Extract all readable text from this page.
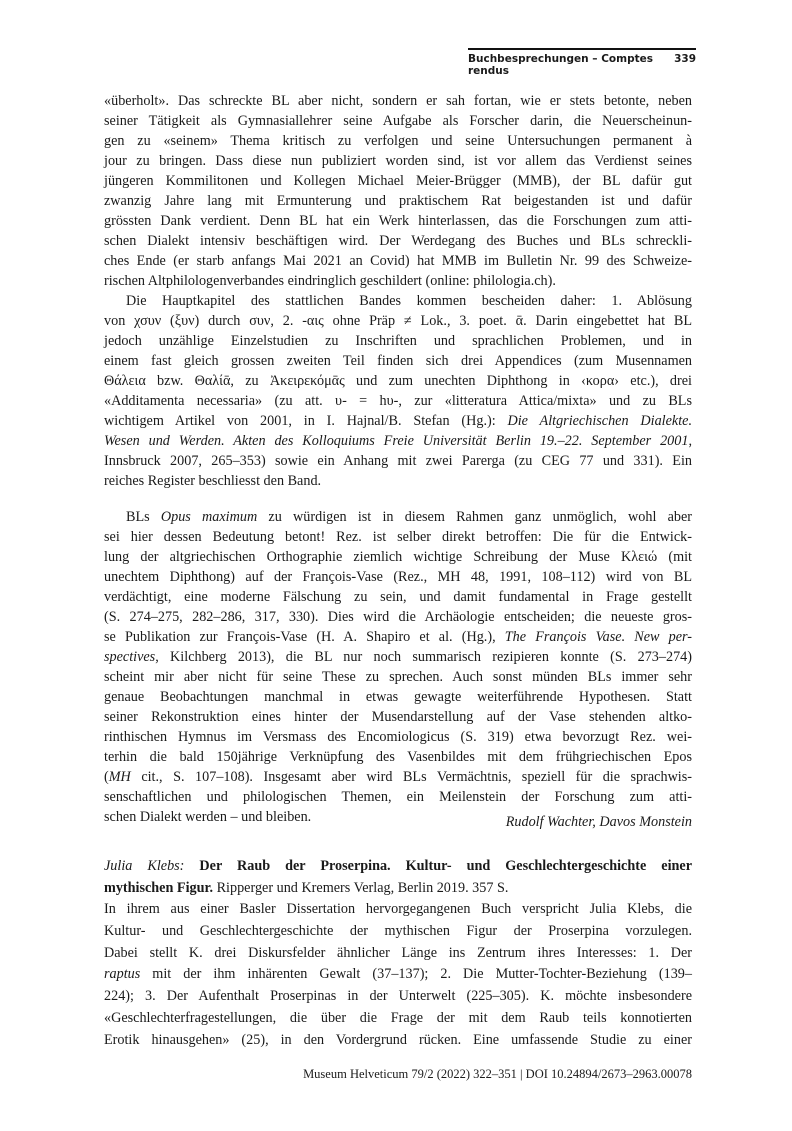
Buchbesprechungen – Comptes rendus
339
«überholt». Das schreckte BL aber nicht, sondern er sah fortan, wie er stets betonte, neben
seiner Tätigkeit als Gymnasiallehrer seine Aufgabe als Forscher darin, die Neuerscheinun-
gen zu «seinem» Thema kritisch zu verfolgen und seine Untersuchungen permanent à
jour zu bringen. Dass diese nun publiziert worden sind, ist vor allem das Verdienst seines
jüngeren Kommilitonen und Kollegen Michael Meier-Brügger (MMB), der BL dafür gut
zwanzig Jahre lang mit Ermunterung und praktischem Rat beigestanden ist und dafür
grössten Dank verdient. Denn BL hat ein Werk hinterlassen, das die Forschungen zum atti-
schen Dialekt intensiv beschäftigen wird. Der Werdegang des Buches und BLs schreckli-
ches Ende (er starb anfangs Mai 2021 an Covid) hat MMB im Bulletin Nr. 99 des Schweize-
rischen Altphilologenverbandes eindringlich geschildert (online: philologia.ch).
Die Hauptkapitel des stattlichen Bandes kommen bescheiden daher: 1. Ablösung
von χσυν (ξυν) durch συν, 2. -αις ohne Präp ≠ Lok., 3. poet. ᾱ. Darin eingebettet hat BL
jedoch unzählige Einzelstudien zu Inschriften und sprachlichen Problemen, und in
einem fast gleich grossen zweiten Teil finden sich drei Appendices (zum Musennamen
Θάλεια bzw. Θαλίᾱ, zu Ἀκειρεκόμᾱς und zum unechten Diphthong in ‹κορα› etc.), drei
«Additamenta necessaria» (zu att. υ- = hυ-, zur «litteratura Attica/mixta» und zu BLs
wichtigem Artikel von 2001, in I. Hajnal/B. Stefan (Hg.): Die Altgriechischen Dialekte.
Wesen und Werden. Akten des Kolloquiums Freie Universität Berlin 19.–22. September 2001,
Innsbruck 2007, 265–353) sowie ein Anhang mit zwei Parerga (zu CEG 77 und 331). Ein
reiches Register beschliesst den Band.
BLs Opus maximum zu würdigen ist in diesem Rahmen ganz unmöglich, wohl aber
sei hier dessen Bedeutung betont! Rez. ist selber direkt betroffen: Die für die Entwick-
lung der altgriechischen Orthographie ziemlich wichtige Schreibung der Muse Κλειώ (mit
unechtem Diphthong) auf der François-Vase (Rez., MH 48, 1991, 108–112) wird von BL
verdächtigt, eine moderne Fälschung zu sein, und damit fundamental in Frage gestellt
(S. 274–275, 282–286, 317, 330). Dies wird die Archäologie entscheiden; die neueste gros-
se Publikation zur François-Vase (H. A. Shapiro et al. (Hg.), The François Vase. New per-
spectives, Kilchberg 2013), die BL nur noch summarisch rezipieren konnte (S. 273–274)
scheint mir aber nicht für seine These zu sprechen. Auch sonst münden BLs immer sehr
genaue Beobachtungen manchmal in etwas gewagte weiterführende Hypothesen. Statt
seiner Rekonstruktion eines hinter der Musendarstellung auf der Vase stehenden altko-
rinthischen Hymnus im Versmass des Encomiologicus (S. 319) etwa bevorzugt Rez. wei-
terhin die bald 150jährige Verknüpfung des Vasenbildes mit dem frühgriechischen Epos
(MH cit., S. 107–108). Insgesamt aber wird BLs Vermächtnis, speziell für die sprachwis-
senschaftlichen und philologischen Themen, ein Meilenstein der Forschung zum atti-
schen Dialekt werden – und bleiben.	Rudolf Wachter, Davos Monstein
Julia Klebs: Der Raub der Proserpina. Kultur- und Geschlechtergeschichte einer
mythischen Figur. Ripperger und Kremers Verlag, Berlin 2019. 357 S.
In ihrem aus einer Basler Dissertation hervorgegangenen Buch verspricht Julia Klebs, die
Kultur- und Geschlechtergeschichte der mythischen Figur der Proserpina vorzulegen.
Dabei stellt K. drei Diskursfelder ähnlicher Länge ins Zentrum ihres Interesses: 1. Der
raptus mit der ihm inhärenten Gewalt (37–137); 2. Die Mutter-Tochter-Beziehung (139–
224); 3. Der Aufenthalt Proserpinas in der Unterwelt (225–305). K. möchte insbesondere
«Geschlechterfragestellungen, die über die Frage der mit dem Raub teils konnotierten
Erotik hinausgehen» (25), in den Vordergrund rücken. Eine umfassende Studie zu einer
Museum Helveticum 79/2 (2022) 322–351 | DOI 10.24894/2673–2963.00078
